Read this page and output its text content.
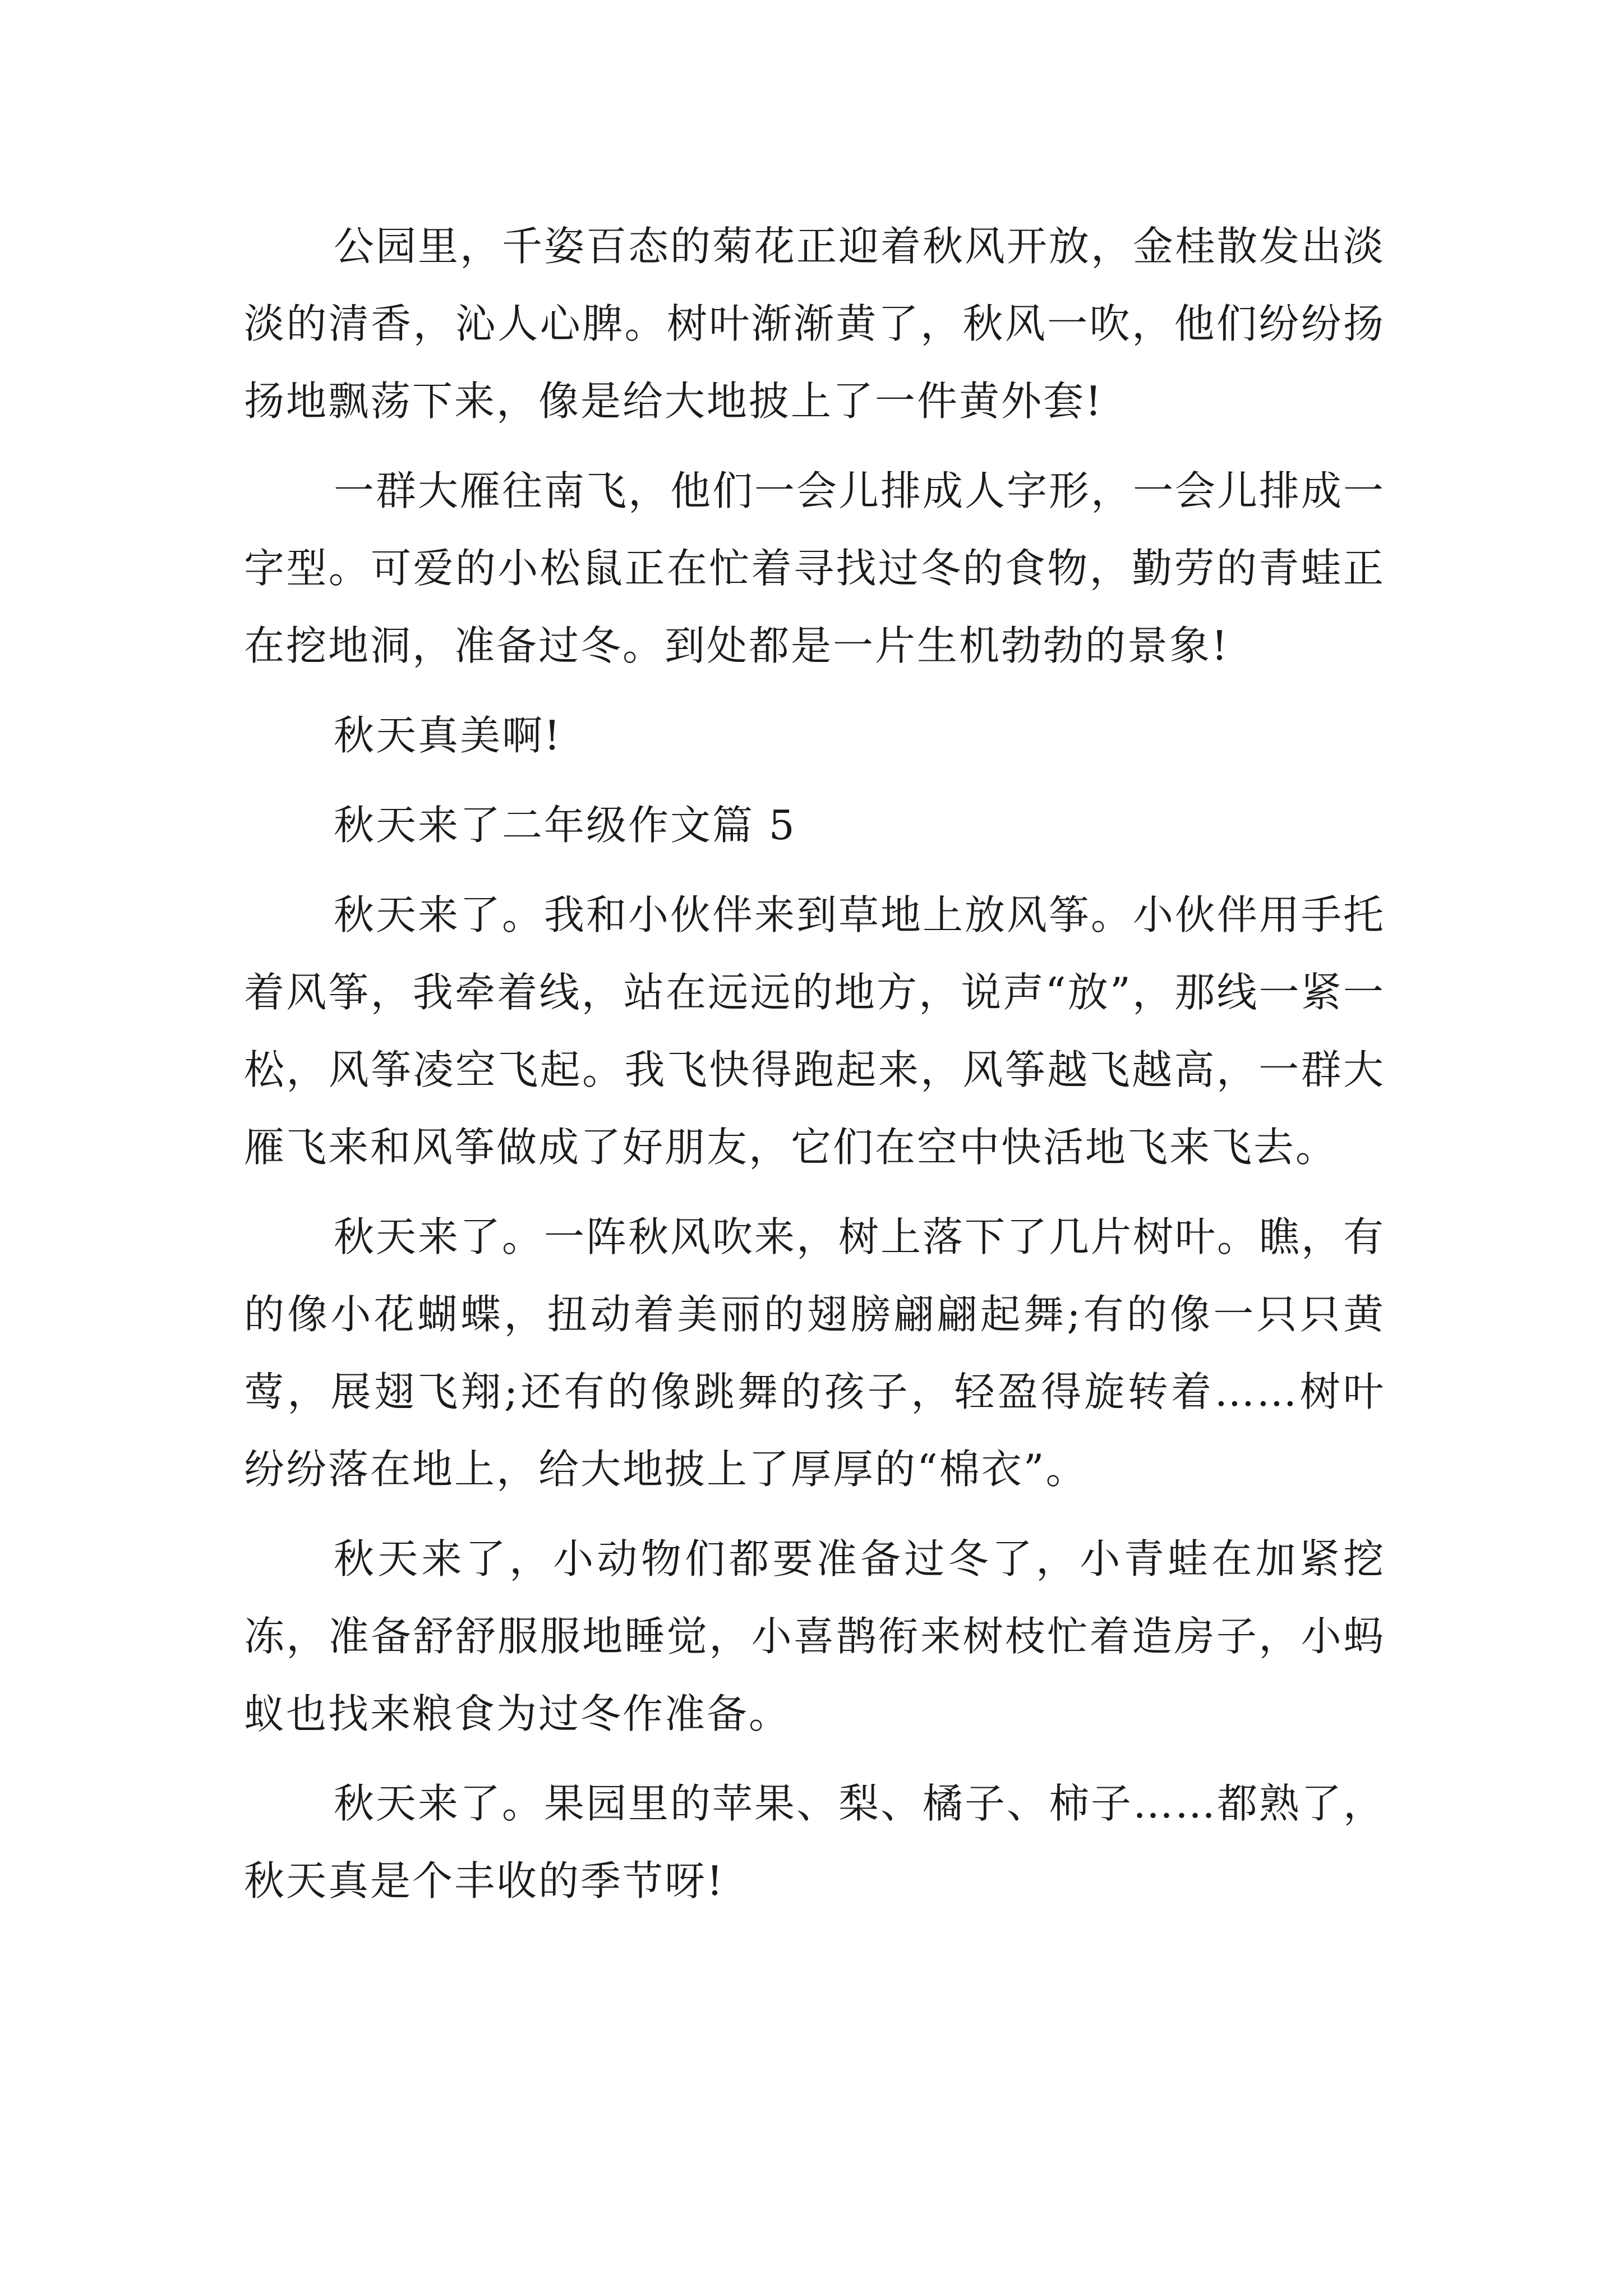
公园里，千姿百态的菊花正迎着秋风开放，金桂散发出淡淡的清香，沁人心脾。树叶渐渐黄了，秋风一吹，他们纷纷扬扬地飘荡下来，像是给大地披上了一件黄外套!

一群大雁往南飞，他们一会儿排成人字形，一会儿排成一字型。可爱的小松鼠正在忙着寻找过冬的食物，勤劳的青蛙正在挖地洞，准备过冬。到处都是一片生机勃勃的景象!

秋天真美啊!

秋天来了二年级作文篇 5

秋天来了。我和小伙伴来到草地上放风筝。小伙伴用手托着风筝，我牵着线，站在远远的地方，说声“放”，那线一紧一松，风筝凌空飞起。我飞快得跑起来，风筝越飞越高，一群大雁飞来和风筝做成了好朋友，它们在空中快活地飞来飞去。

秋天来了。一阵秋风吹来，树上落下了几片树叶。瞧，有的像小花蝴蝶，扭动着美丽的翅膀翩翩起舞;有的像一只只黄莺，展翅飞翔;还有的像跳舞的孩子，轻盈得旋转着……树叶纷纷落在地上，给大地披上了厚厚的“棉衣”。

秋天来了，小动物们都要准备过冬了，小青蛙在加紧挖冻，准备舒舒服服地睡觉，小喜鹊衔来树枝忙着造房子，小蚂蚁也找来粮食为过冬作准备。

秋天来了。果园里的苹果、梨、橘子、柿子……都熟了，秋天真是个丰收的季节呀!
